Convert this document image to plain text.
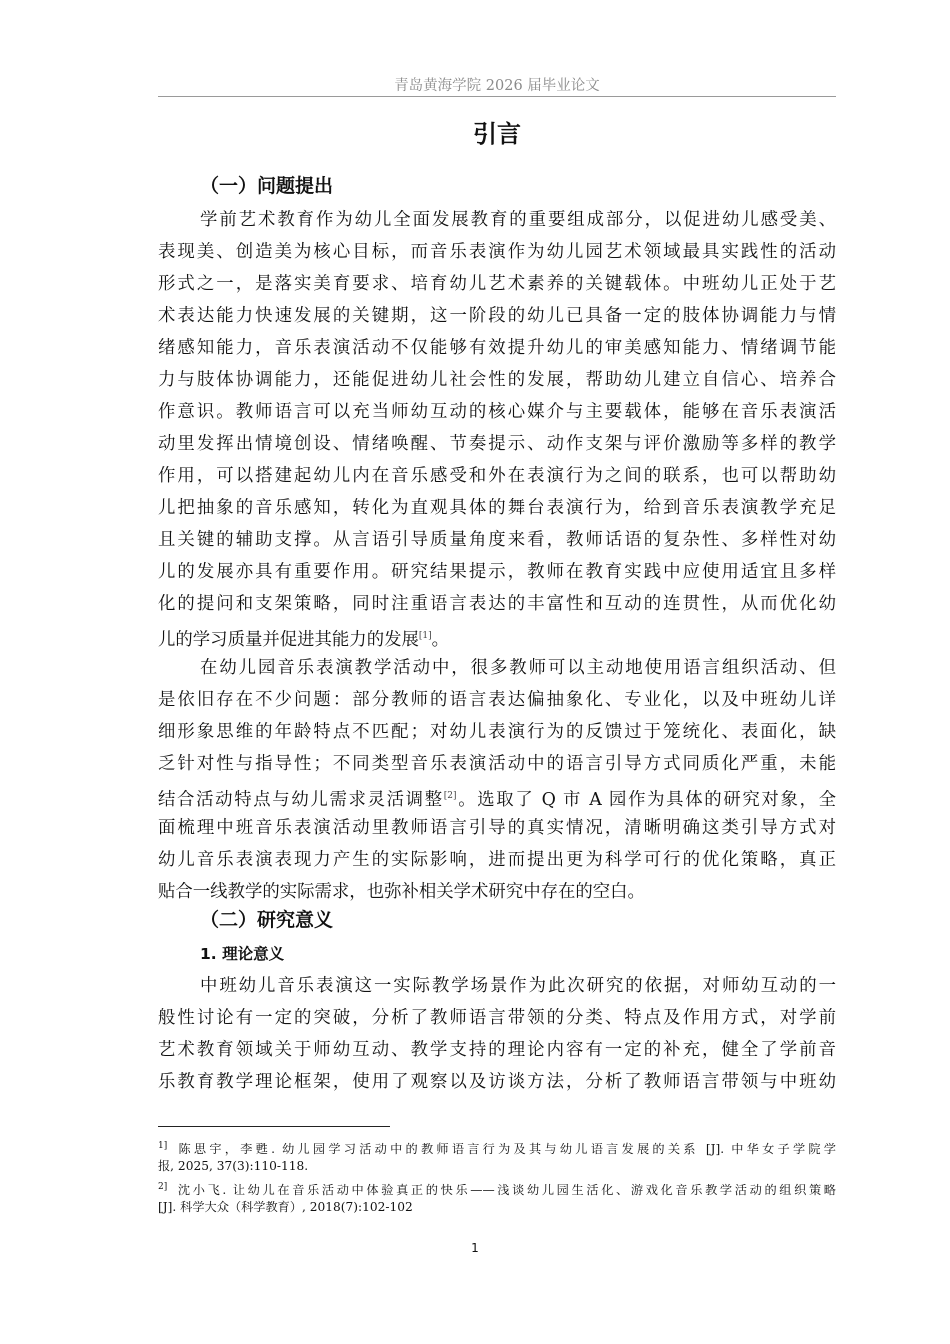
青岛黄海学院 2026 届毕业论文
引言
（一）问题提出
学前艺术教育作为幼儿全面发展教育的重要组成部分，以促进幼儿感受美、
表现美、创造美为核心目标，而音乐表演作为幼儿园艺术领域最具实践性的活动
形式之一，是落实美育要求、培育幼儿艺术素养的关键载体。中班幼儿正处于艺
术表达能力快速发展的关键期，这一阶段的幼儿已具备一定的肢体协调能力与情
绪感知能力，音乐表演活动不仅能够有效提升幼儿的审美感知能力、情绪调节能
力与肢体协调能力，还能促进幼儿社会性的发展，帮助幼儿建立自信心、培养合
作意识。教师语言可以充当师幼互动的核心媒介与主要载体，能够在音乐表演活
动里发挥出情境创设、情绪唤醒、节奏提示、动作支架与评价激励等多样的教学
作用，可以搭建起幼儿内在音乐感受和外在表演行为之间的联系，也可以帮助幼
儿把抽象的音乐感知，转化为直观具体的舞台表演行为，给到音乐表演教学充足
且关键的辅助支撑。从言语引导质量角度来看，教师话语的复杂性、多样性对幼
儿的发展亦具有重要作用。研究结果提示，教师在教育实践中应使用适宜且多样
化的提问和支架策略，同时注重语言表达的丰富性和互动的连贯性，从而优化幼
儿的学习质量并促进其能力的发展[1]。
在幼儿园音乐表演教学活动中，很多教师可以主动地使用语言组织活动、但
是依旧存在不少问题：部分教师的语言表达偏抽象化、专业化，以及中班幼儿详
细形象思维的年龄特点不匹配；对幼儿表演行为的反馈过于笼统化、表面化，缺
乏针对性与指导性；不同类型音乐表演活动中的语言引导方式同质化严重，未能
结合活动特点与幼儿需求灵活调整[2]。选取了 Q 市 A 园作为具体的研究对象，全
面梳理中班音乐表演活动里教师语言引导的真实情况，清晰明确这类引导方式对
幼儿音乐表演表现力产生的实际影响，进而提出更为科学可行的优化策略，真正
贴合一线教学的实际需求，也弥补相关学术研究中存在的空白。
（二）研究意义
1. 理论意义
中班幼儿音乐表演这一实际教学场景作为此次研究的依据，对师幼互动的一
般性讨论有一定的突破，分析了教师语言带领的分类、特点及作用方式，对学前
艺术教育领域关于师幼互动、教学支持的理论内容有一定的补充，健全了学前音
乐教育教学理论框架，使用了观察以及访谈方法，分析了教师语言带领与中班幼
$^{1]}$ 陈思宇，李甦. 幼儿园学习活动中的教师语言行为及其与幼儿语言发展的关系 [J]. 中华女子学院学
报, 2025, 37(3):110-118.
$^{2]}$ 沈小飞. 让幼儿在音乐活动中体验真正的快乐——浅谈幼儿园生活化、游戏化音乐教学活动的组织策略
[J]. 科学大众（科学教育）, 2018(7):102-102
1
